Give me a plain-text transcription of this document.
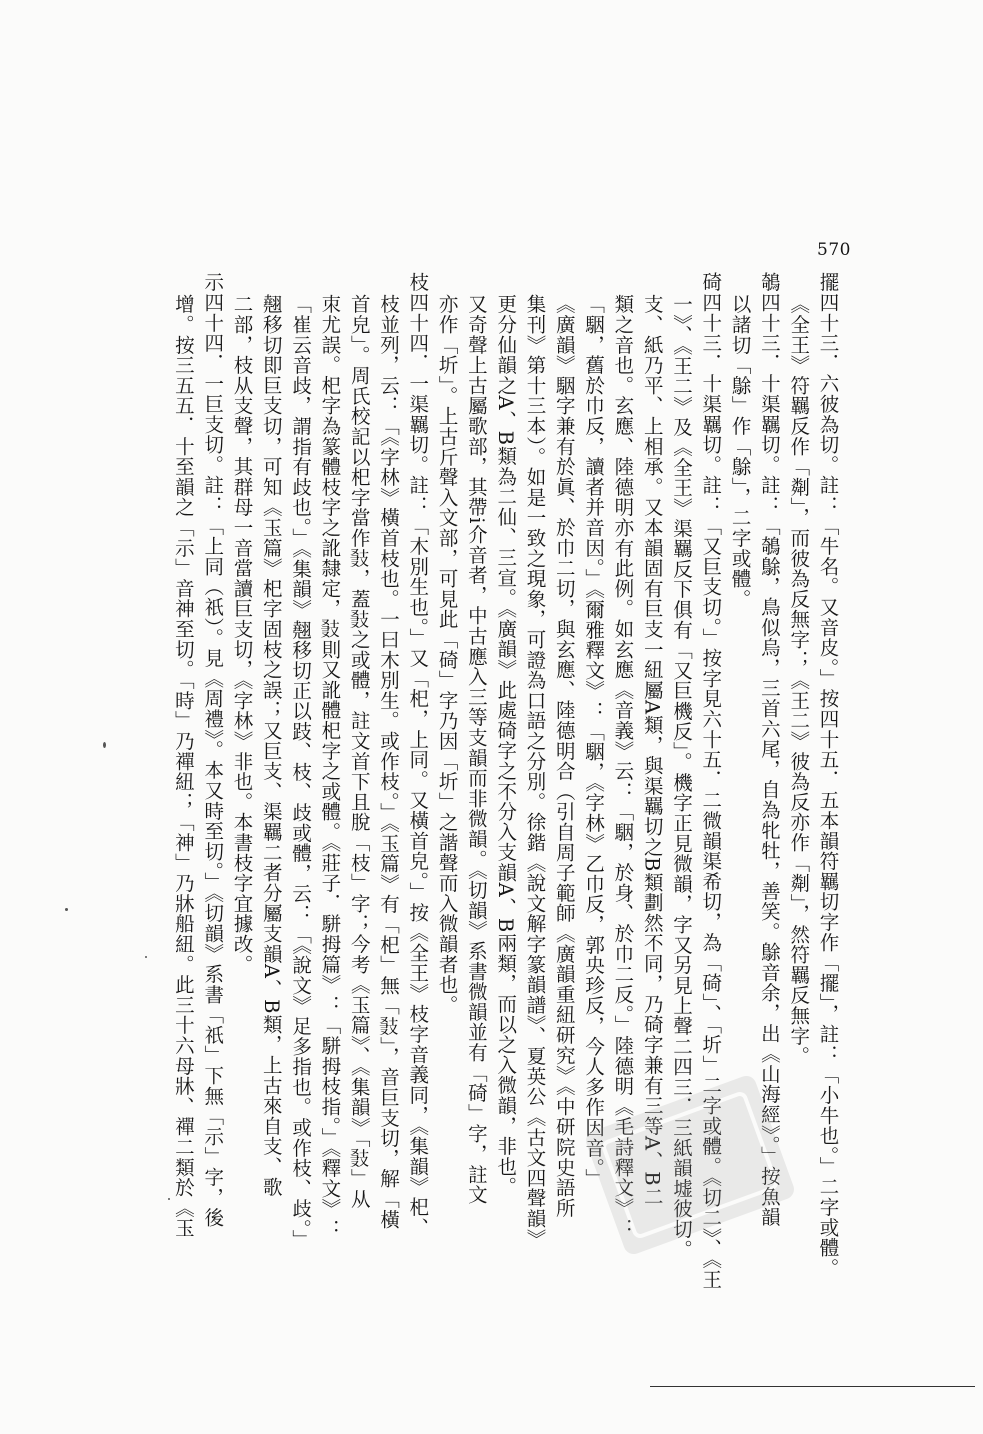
570
擺四十三．六彼為切。註：「牛名。又音皮。」按四十五．五本韻符羈切字作「擺」，註：「小牛也。」二字或體。
《全王》符羈反作「㔂」，而彼為反無字；《王二》彼為反亦作「㔂」，然符羈反無字。
鵸四十三．十渠羈切。註：「鵸鵌，鳥似烏，三首六尾，自為牝牡，善笑。鵌音余，出《山海經》。」按魚韻
以諸切「鵌」作「鵌」，二字或體。
碕四十三．十渠羈切。註：「又巨支切。」按字見六十五．二微韻渠希切，為「碕」、「圻」二字或體。《切二》、《王
一》、《王二》及《全王》渠羈反下俱有「又巨機反」。機字正見微韻，字又另見上聲二四三．三紙韻墟彼切。
支、紙乃平、上相承。又本韻固有巨支一紐屬A類，與渠羈切之B類劃然不同，乃碕字兼有三等A、B二
類之音也。玄應、陸德明亦有此例。如玄應《音義》云：「駰，於身、於巾二反。」陸德明《毛詩釋文》：
「駰，舊於巾反，讀者并音因。」《爾雅釋文》：「駰，《字林》乙巾反，郭央珍反，今人多作因音。」
《廣韻》駰字兼有於眞、於巾二切，與玄應、陸德明合（引自周子範師《廣韻重紐研究》《中研院史語所
集刊》第十三本）。如是一致之現象，可證為口語之分別。徐鍇《說文解字篆韻譜》、夏英公《古文四聲韻》
更分仙韻之A、B類為二仙、三宣。《廣韻》此處碕字之不分入支韻A、B兩類，而以之入微韻，非也。
又奇聲上古屬歌部，其帶i介音者，中古應入三等支韻而非微韻。《切韻》系書微韻並有「碕」字，註文
亦作「圻」。上古斤聲入文部，可見此「碕」字乃因「圻」之諧聲而入微韻者也。
枝四十四．一渠羈切。註：「木別生也。」又「𣏌，上同。又橫首皃。」按《全王》枝字音義同，《集韻》𣏌、
枝並列，云：「《字林》橫首枝也。一曰木別生。或作枝。」《玉篇》有「𣏌」無「𢻍」，音巨支切，解「橫
首皃」。周氏校記以𣏌字當作𢻍，蓋𢻍之或體，註文首下且脫「枝」字；今考《玉篇》、《集韻》「𢻍」从
朿尤誤。𣏌字為篆體枝字之訛隸定，𢻍則又訛體𣏌字之或體。《莊子．駢拇篇》：「駢拇枝指。」《釋文》：
「崔云音歧，謂指有歧也。」《集韻》翹移切正以跂、枝、歧或體，云：「《說文》足多指也。或作枝、歧。」
翹移切即巨支切，可知《玉篇》𣏌字固枝之誤；又巨支、渠羈二者分屬支韻A、B類，上古來自支、歌
二部，枝从支聲，其群母一音當讀巨支切，《字林》非也。本書枝字宜據改。
示四十四．一巨支切。註：「上同（祇）。見《周禮》。本又時至切。」《切韻》系書「祇」下無「示」字，後
增。按三五五．十至韻之「示」音神至切。「時」乃禪紐；「神」乃牀船紐。此三十六母牀、禪二類於《玉
